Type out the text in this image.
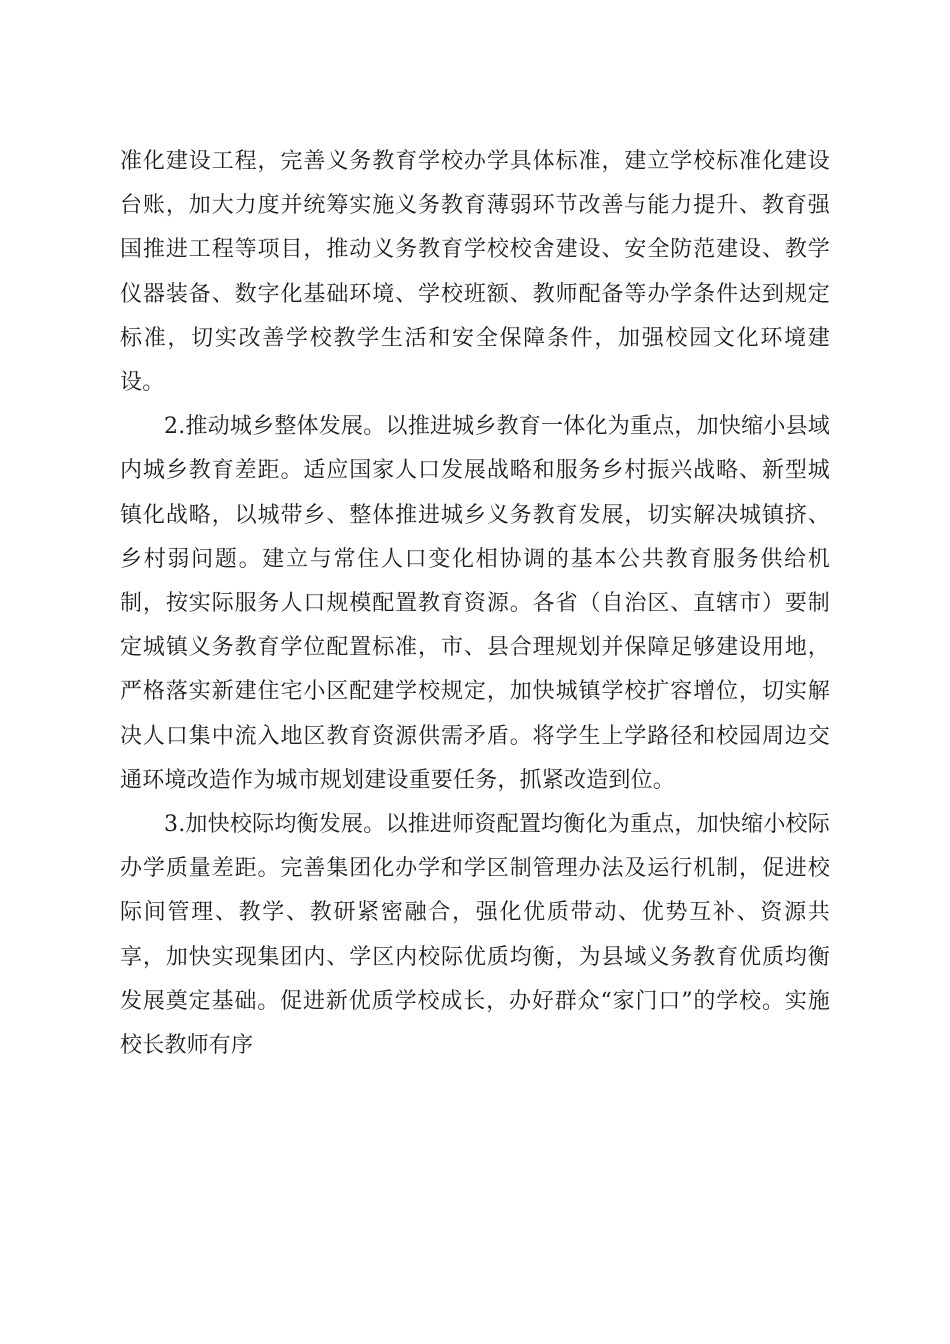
准化建设工程，完善义务教育学校办学具体标准，建立学校标准化建设台账，加大力度并统筹实施义务教育薄弱环节改善与能力提升、教育强国推进工程等项目，推动义务教育学校校舍建设、安全防范建设、教学仪器装备、数字化基础环境、学校班额、教师配备等办学条件达到规定标准，切实改善学校教学生活和安全保障条件，加强校园文化环境建设。

2.推动城乡整体发展。以推进城乡教育一体化为重点，加快缩小县域内城乡教育差距。适应国家人口发展战略和服务乡村振兴战略、新型城镇化战略，以城带乡、整体推进城乡义务教育发展，切实解决城镇挤、乡村弱问题。建立与常住人口变化相协调的基本公共教育服务供给机制，按实际服务人口规模配置教育资源。各省（自治区、直辖市）要制定城镇义务教育学位配置标准，市、县合理规划并保障足够建设用地，严格落实新建住宅小区配建学校规定，加快城镇学校扩容增位，切实解决人口集中流入地区教育资源供需矛盾。将学生上学路径和校园周边交通环境改造作为城市规划建设重要任务，抓紧改造到位。

3.加快校际均衡发展。以推进师资配置均衡化为重点，加快缩小校际办学质量差距。完善集团化办学和学区制管理办法及运行机制，促进校际间管理、教学、教研紧密融合，强化优质带动、优势互补、资源共享，加快实现集团内、学区内校际优质均衡，为县域义务教育优质均衡发展奠定基础。促进新优质学校成长，办好群众“家门口”的学校。实施校长教师有序
